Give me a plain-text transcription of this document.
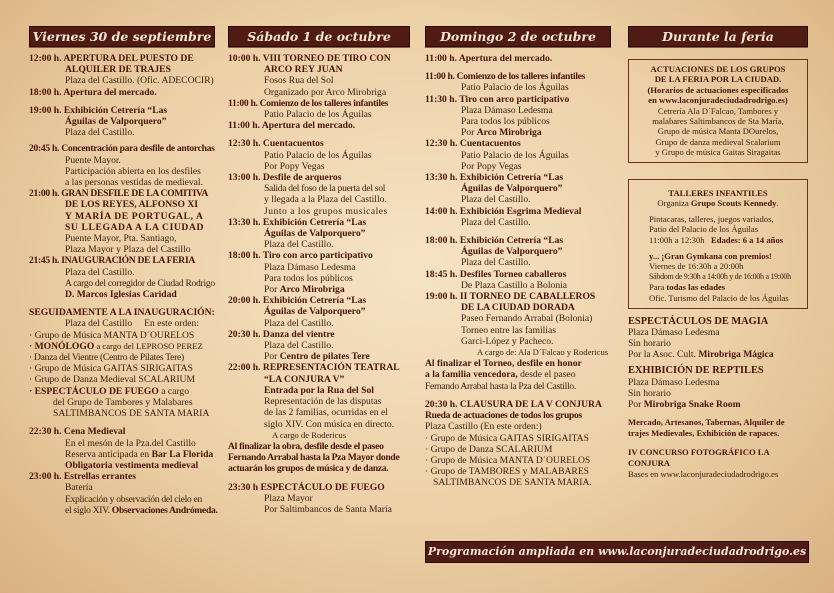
Viernes 30 de septiembre
12:00 h. APERTURA DEL PUESTO DE
ALQUILER DE TRAJES
Plaza del Castillo. (Ofic. ADECOCIR)
18:00 h. Apertura del mercado.
19:00 h. Exhibición Cetrería “Las
Águilas de Valporquero”
Plaza del Castillo.
20:45 h. Concentración para desfile de antorchas
Puente Mayor.
Participación abierta en los desfiles
a las personas vestidas de medieval.
21:00 h. GRAN DESFILE DE LA COMITIVA
DE LOS REYES, ALFONSO XI
Y MARÍA DE PORTUGAL, A
SU LLEGADA A LA CIUDAD
Puente Mayor, Pta. Santiago,
Plaza Mayor y Plaza del Castillo
21:45 h. INAUGURACIÓN DE LA FERIA
Plaza del Castillo.
A cargo del corregidor de Ciudad Rodrigo
D. Marcos Iglesias Caridad
SEGUIDAMENTE A LA INAUGURACIÓN:
Plaza del Castillo     En este orden:
· Grupo de Música MANTA D´OURELOS
· MONÓLOGO a cargo del LEPROSO PEREZ
· Danza del Vientre (Centro de Pilates Tere)
· Grupo de Música GAITAS SIRIGAITAS
· Grupo de Danza Medieval SCALARIUM
· ESPECTÁCULO DE FUEGO a cargo
del Grupo de Tambores y Malabares
SALTIMBANCOS DE SANTA MARIA
22:30 h. Cena Medieval
En el mesón de la Pza.del Castillo
Reserva anticipada en Bar La Florida
Obligatoria vestimenta medieval
23:00 h. Estrellas errantes
Batería
Explicación y observación del cielo en
el siglo XIV. Observaciones Andrómeda.
Sábado 1 de octubre
10:00 h. VIII TORNEO DE TIRO CON
ARCO REY JUAN
Fosos Rua del Sol
Organizado por Arco Mirobriga
11:00 h. Comienzo de los talleres infantiles
Patio Palacio de los Águilas
11:00 h. Apertura del mercado.
12:30 h. Cuentacuentos
Patio Palacio de los Águilas
Por Popy Vegas
13:00 h. Desfile de arqueros
Salida del foso de la puerta del sol
y llegada a la Plaza del Castillo.
Junto a los grupos musicales
13:30 h. Exhibición Cetrería “Las
Águilas de Valporquero”
Plaza del Castillo.
18:00 h. Tiro con arco participativo
Plaza Dámaso Ledesma
Para todos los públicos
Por Arco Mirobriga
20:00 h. Exhibición Cetrería “Las
Águilas de Valporquero”
Plaza del Castillo.
20:30 h. Danza del vientre
Plaza del Castillo.
Por Centro de pilates Tere
22:00 h. REPRESENTACIÓN TEATRAL
“LA CONJURA V”
Entrada por la Rua del Sol
Representación de las disputas
de las 2 familias, ocurridas en el
siglo XIV. Con música en directo.
A cargo de Rodericus
Al finalizar la obra, desfile desde el paseo
Fernando Arrabal hasta la Pza Mayor donde
actuarán los grupos de música y de danza.
23:30 h ESPECTÁCULO DE FUEGO
Plaza Mayor
Por Saltimbancos de Santa María
Domingo 2 de octubre
11:00 h. Apertura del mercado.
11:00 h. Comienzo de los talleres infantiles
Patio Palacio de los Águilas
11:30 h. Tiro con arco participativo
Plaza Dámaso Ledesma
Para todos los públicos
Por Arco Mirobriga
12:30 h. Cuentacuentos
Patio Palacio de los Águilas
Por Popy Vegas
13:30 h. Exhibición Cetrería “Las
Águilas de Valporquero”
Plaza del Castillo.
14:00 h. Exhibición Esgrima Medieval
Plaza del Castillo.
18:00 h. Exhibición Cetrería “Las
Águilas de Valporquero”
Plaza del Castillo.
18:45 h. Desfiles Torneo caballeros
De Plaza Castillo a Bolonia
19:00 h. II TORNEO DE CABALLEROS
DE LA CIUDAD DORADA
Paseo Fernando Arrabal (Bolonia)
Torneo entre las familias
Garci-López y Pacheco.
A cargo de: Ala D´Falcao y Rodericus
Al finalizar el Torneo, desfile en honor
a la familia vencedora, desde el paseo
Fernando Arrabal hasta la Pza del Castillo.
20:30 h. CLAUSURA DE LA V CONJURA
Rueda de actuaciones de todos los grupos
Plaza Castillo (En este orden:)
· Grupo de Música GAITAS SIRIGAITAS
· Grupo de Danza SCALARIUM
· Grupo de Música MANTA D´OURELOS
· Grupo de TAMBORES y MALABARES
SALTIMBANCOS DE SANTA MARIA.
Durante la feria
ACTUACIONES DE LOS GRUPOS
DE LA FERIA POR LA CIUDAD.
(Horarios de actuaciones especificados
en www.laconjuradeciudadrodrigo.es)
Cetrería Ala D´Falcao, Tambores y
malabares Saltimbancos de Sta María,
Grupo de música Manta DOurelos,
Grupo de danza medieval Scalarium
y Grupo de música Gaitas Siragaitas
TALLERES INFANTILES
Organiza Grupo Scouts Kennedy.
Pintacaras, talleres, juegos variados,
Patio del Palacio de los Águilas
11:00h a 12:30h   Edades: 6 a 14 años
y... ¡Gran Gymkana con premios!
Viernes de 16:30h a 20:00h
Sábdom de 9:30h a 14:00h y de 16:00h a 19:00h
Para todas las edades
Ofic. Turismo del Palacio de los Águilas
ESPECTÁCULOS DE MAGIA
Plaza Dámaso Ledesma
Sin horario
Por la Asoc. Cult. Mirobriga Mágica
EXHIBICIÓN DE REPTILES
Plaza Dámaso Ledesma
Sin horario
Por Mirobriga Snake Room
Mercado, Artesanos, Tabernas, Alquiler de
trajes Medievales, Exhibición de rapaces.
IV CONCURSO FOTOGRÁFICO LA CONJURA
Bases en www.laconjuradeciudadrodrigo.es
Programación ampliada en www.laconjuradeciudadrodrigo.es
